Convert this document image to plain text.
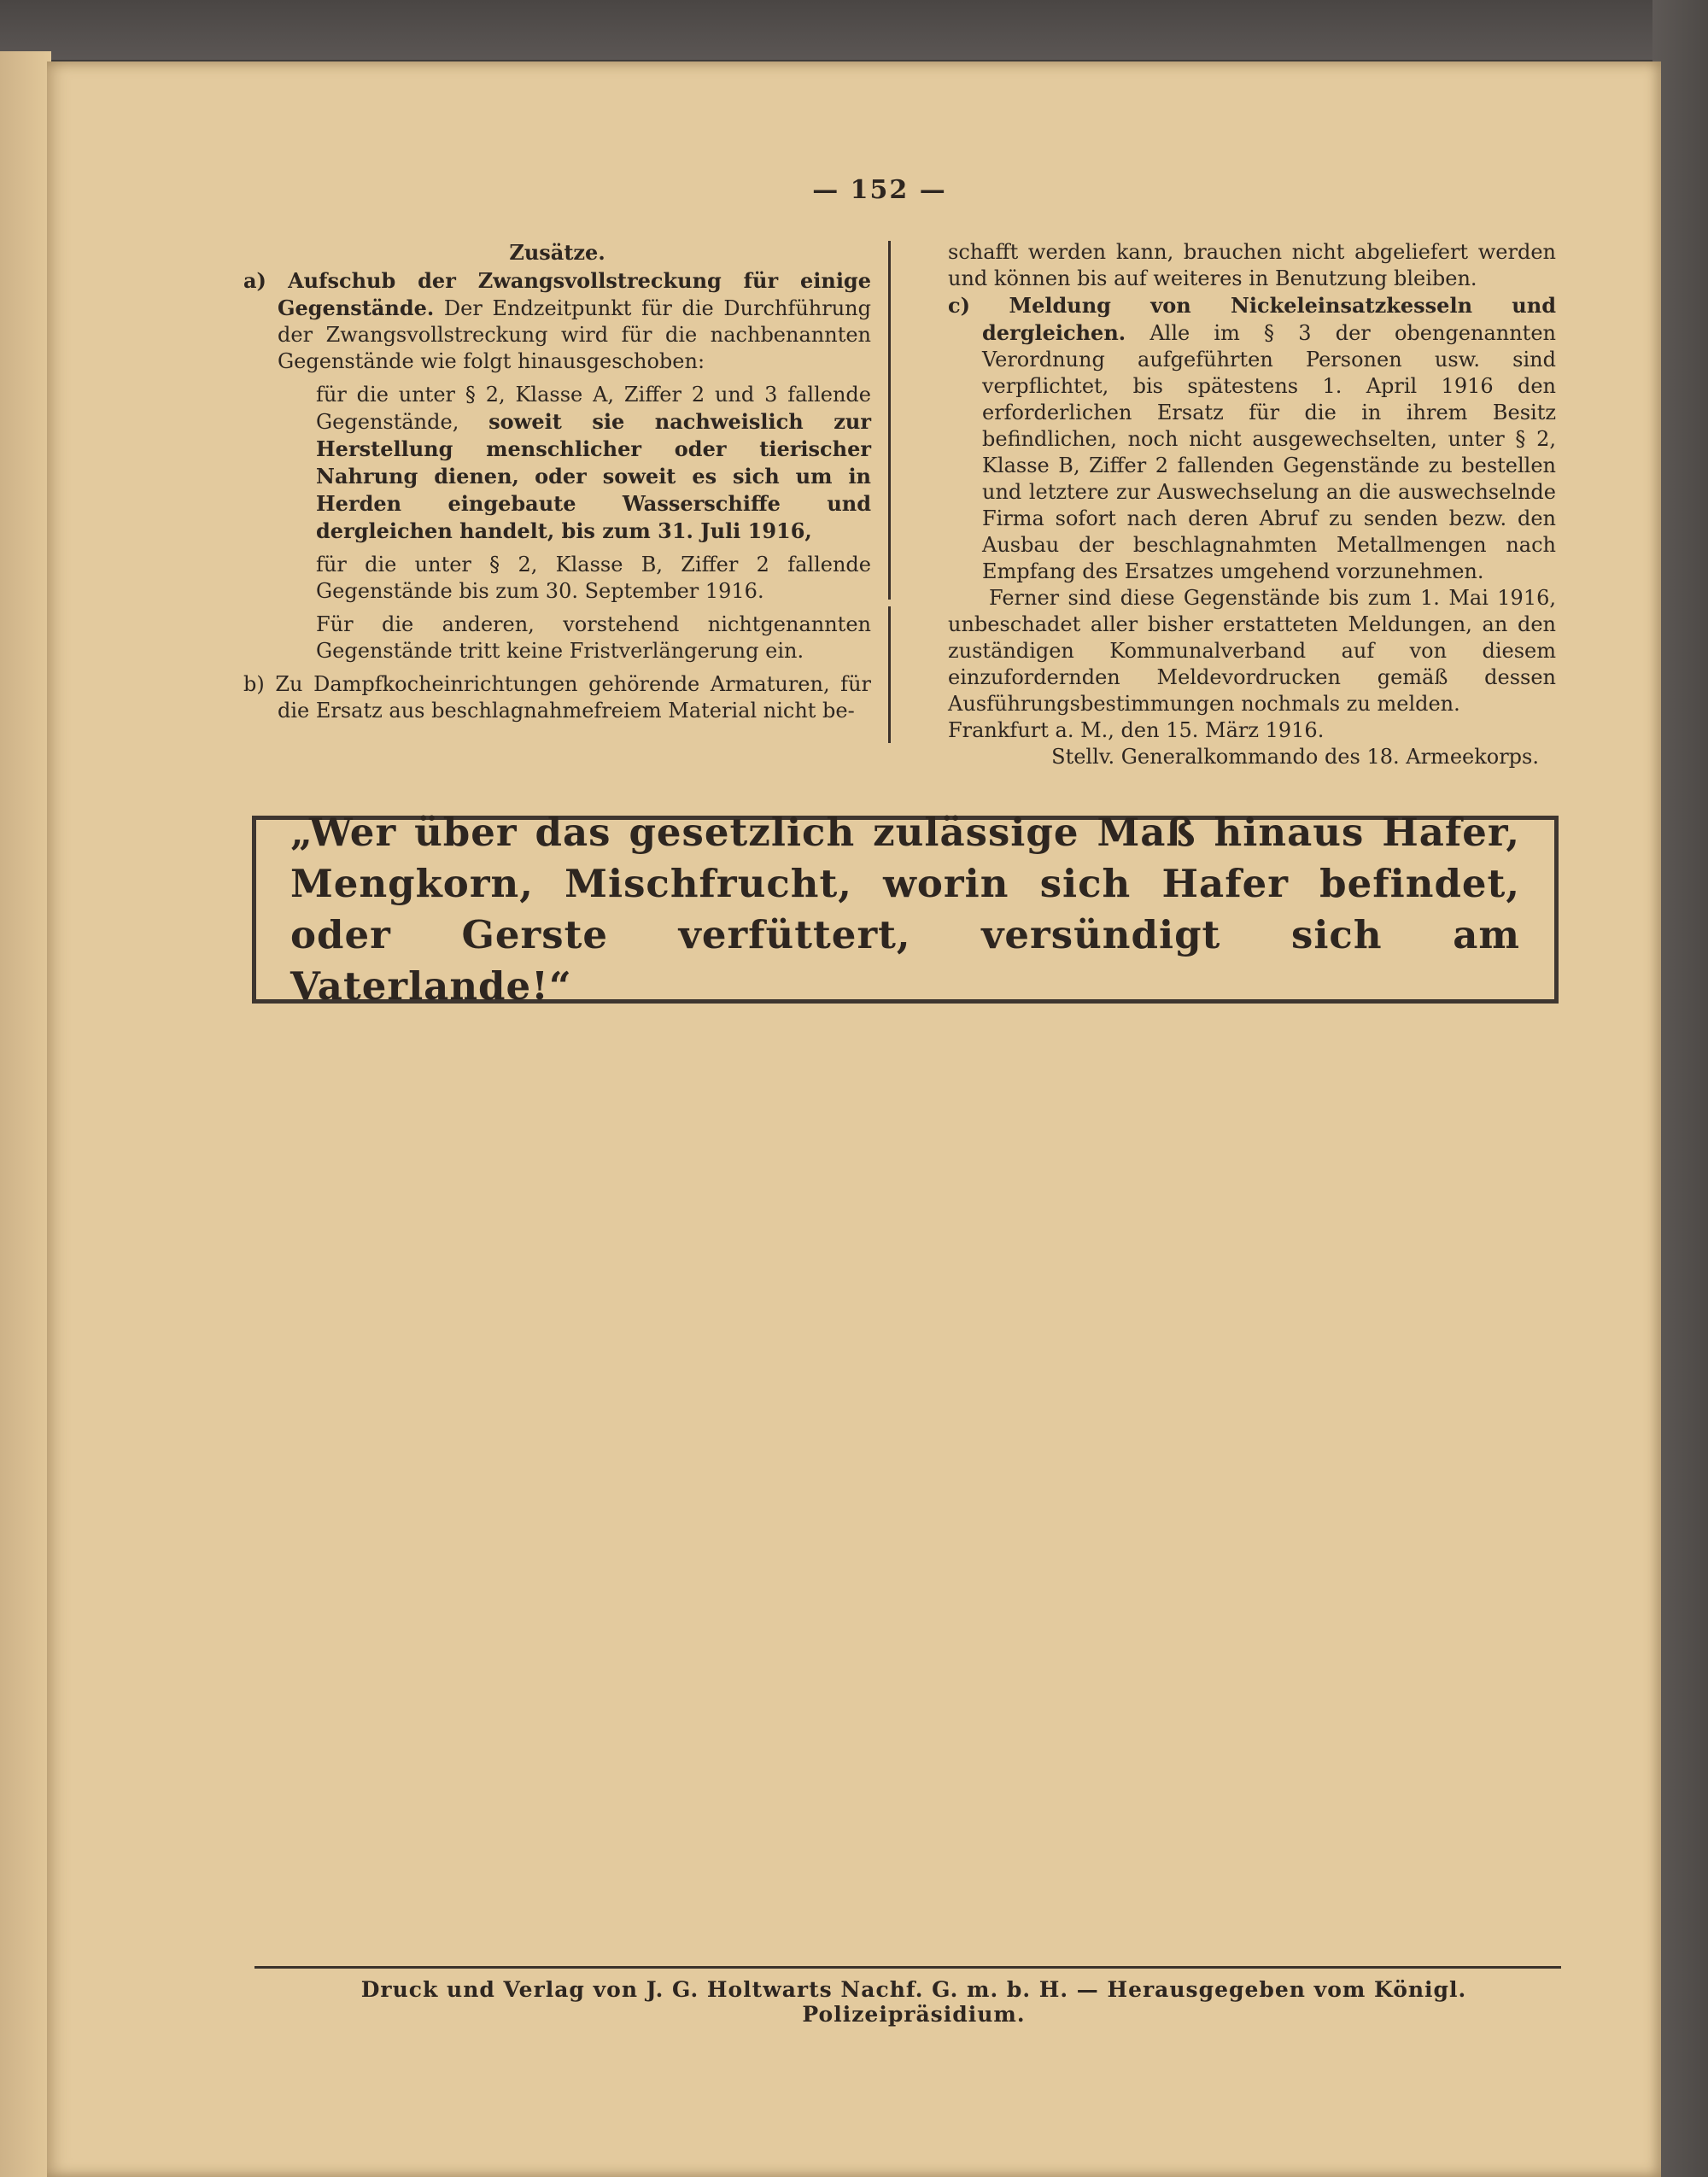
— 152 —

Zusätze.

a) Aufschub der Zwangsvollstreckung für einige Gegenstände. Der Endzeitpunkt für die Durchführung der Zwangsvollstreckung wird für die nachbenannten Gegenstände wie folgt hinausgeschoben:

für die unter § 2, Klasse A, Ziffer 2 und 3 fallende Gegenstände, soweit sie nachweislich zur Herstellung menschlicher oder tierischer Nahrung dienen, oder soweit es sich um in Herden eingebaute Wasserschiffe und dergleichen handelt, bis zum 31. Juli 1916,

für die unter § 2, Klasse B, Ziffer 2 fallende Gegenstände bis zum 30. September 1916.

Für die anderen, vorstehend nichtgenannten Gegenstände tritt keine Fristverlängerung ein.

b) Zu Dampfkocheinrichtungen gehörende Armaturen, für die Ersatz aus beschlagnahmefreiem Material nicht be-

schafft werden kann, brauchen nicht abgeliefert werden und können bis auf weiteres in Benutzung bleiben.

c) Meldung von Nickeleinsatzkesseln und dergleichen. Alle im § 3 der obengenannten Verordnung aufgeführten Personen usw. sind verpflichtet, bis spätestens 1. April 1916 den erforderlichen Ersatz für die in ihrem Besitz befindlichen, noch nicht ausgewechselten, unter § 2, Klasse B, Ziffer 2 fallenden Gegenstände zu bestellen und letztere zur Auswechselung an die auswechselnde Firma sofort nach deren Abruf zu senden bezw. den Ausbau der beschlagnahmten Metallmengen nach Empfang des Ersatzes umgehend vorzunehmen.

Ferner sind diese Gegenstände bis zum 1. Mai 1916, unbeschadet aller bisher erstatteten Meldungen, an den zuständigen Kommunalverband auf von diesem einzufordernden Meldevordrucken gemäß dessen Ausführungsbestimmungen nochmals zu melden.

Frankfurt a. M., den 15. März 1916.

Stellv. Generalkommando des 18. Armeekorps.

„Wer über das gesetzlich zulässige Maß hinaus Hafer, Mengkorn, Mischfrucht, worin sich Hafer befindet, oder Gerste verfüttert, versündigt sich am Vaterlande!“

Druck und Verlag von J. G. Holtwarts Nachf. G. m. b. H. — Herausgegeben vom Königl. Polizeipräsidium.
